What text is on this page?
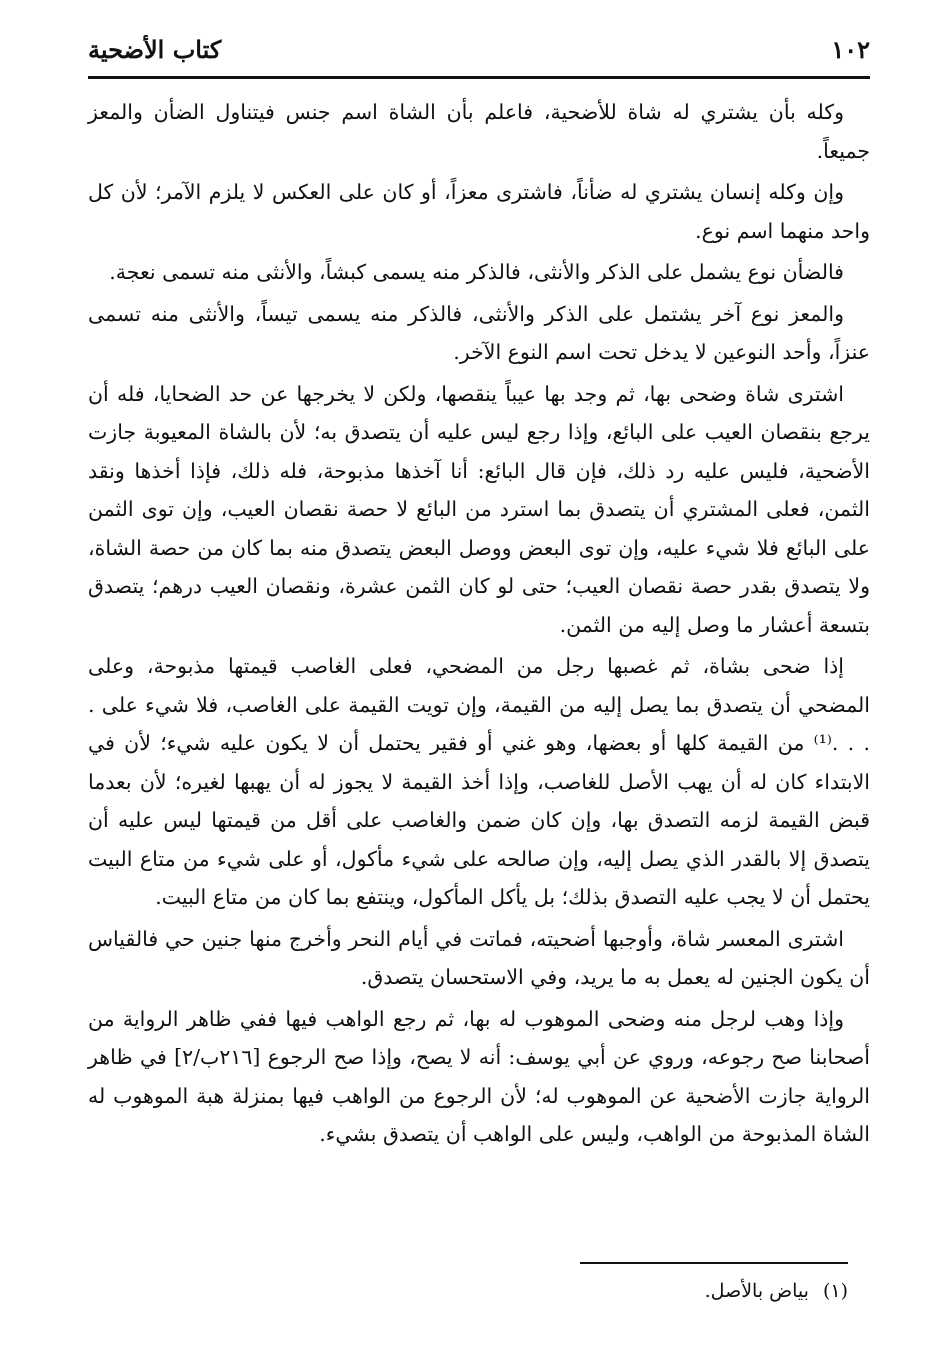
١٠٢
كتاب الأضحية

وكله بأن يشتري له شاة للأضحية، فاعلم بأن الشاة اسم جنس فيتناول الضأن والمعز جميعاً.

وإن وكله إنسان يشتري له ضأناً، فاشترى معزاً، أو كان على العكس لا يلزم الآمر؛ لأن كل واحد منهما اسم نوع.

فالضأن نوع يشمل على الذكر والأنثى، فالذكر منه يسمى كبشاً، والأنثى منه تسمى نعجة.

والمعز نوع آخر يشتمل على الذكر والأنثى، فالذكر منه يسمى تيساً، والأنثى منه تسمى عنزاً، وأحد النوعين لا يدخل تحت اسم النوع الآخر.

اشترى شاة وضحى بها، ثم وجد بها عيباً ينقصها، ولكن لا يخرجها عن حد الضحايا، فله أن يرجع بنقصان العيب على البائع، وإذا رجع ليس عليه أن يتصدق به؛ لأن بالشاة المعيوبة جازت الأضحية، فليس عليه رد ذلك، فإن قال البائع: أنا آخذها مذبوحة، فله ذلك، فإذا أخذها ونقد الثمن، فعلى المشتري أن يتصدق بما استرد من البائع لا حصة نقصان العيب، وإن توى الثمن على البائع فلا شيء عليه، وإن توى البعض ووصل البعض يتصدق منه بما كان من حصة الشاة، ولا يتصدق بقدر حصة نقصان العيب؛ حتى لو كان الثمن عشرة، ونقصان العيب درهم؛ يتصدق بتسعة أعشار ما وصل إليه من الثمن.

إذا ضحى بشاة، ثم غصبها رجل من المضحي، فعلى الغاصب قيمتها مذبوحة، وعلى المضحي أن يتصدق بما يصل إليه من القيمة، وإن تويت القيمة على الغاصب، فلا شيء على . . . .⁽¹⁾ من القيمة كلها أو بعضها، وهو غني أو فقير يحتمل أن لا يكون عليه شيء؛ لأن في الابتداء كان له أن يهب الأصل للغاصب، وإذا أخذ القيمة لا يجوز له أن يهبها لغيره؛ لأن بعدما قبض القيمة لزمه التصدق بها، وإن كان ضمن والغاصب على أقل من قيمتها ليس عليه أن يتصدق إلا بالقدر الذي يصل إليه، وإن صالحه على شيء مأكول، أو على شيء من متاع البيت يحتمل أن لا يجب عليه التصدق بذلك؛ بل يأكل المأكول، وينتفع بما كان من متاع البيت.

اشترى المعسر شاة، وأوجبها أضحيته، فماتت في أيام النحر وأخرج منها جنين حي فالقياس أن يكون الجنين له يعمل به ما يريد، وفي الاستحسان يتصدق.

وإذا وهب لرجل منه وضحى الموهوب له بها، ثم رجع الواهب فيها ففي ظاهر الرواية من أصحابنا صح رجوعه، وروي عن أبي يوسف: أنه لا يصح، وإذا صح الرجوع [٢١٦ب/٢] في ظاهر الرواية جازت الأضحية عن الموهوب له؛ لأن الرجوع من الواهب فيها بمنزلة هبة الموهوب له الشاة المذبوحة من الواهب، وليس على الواهب أن يتصدق بشيء.

(١)
بياض بالأصل.
